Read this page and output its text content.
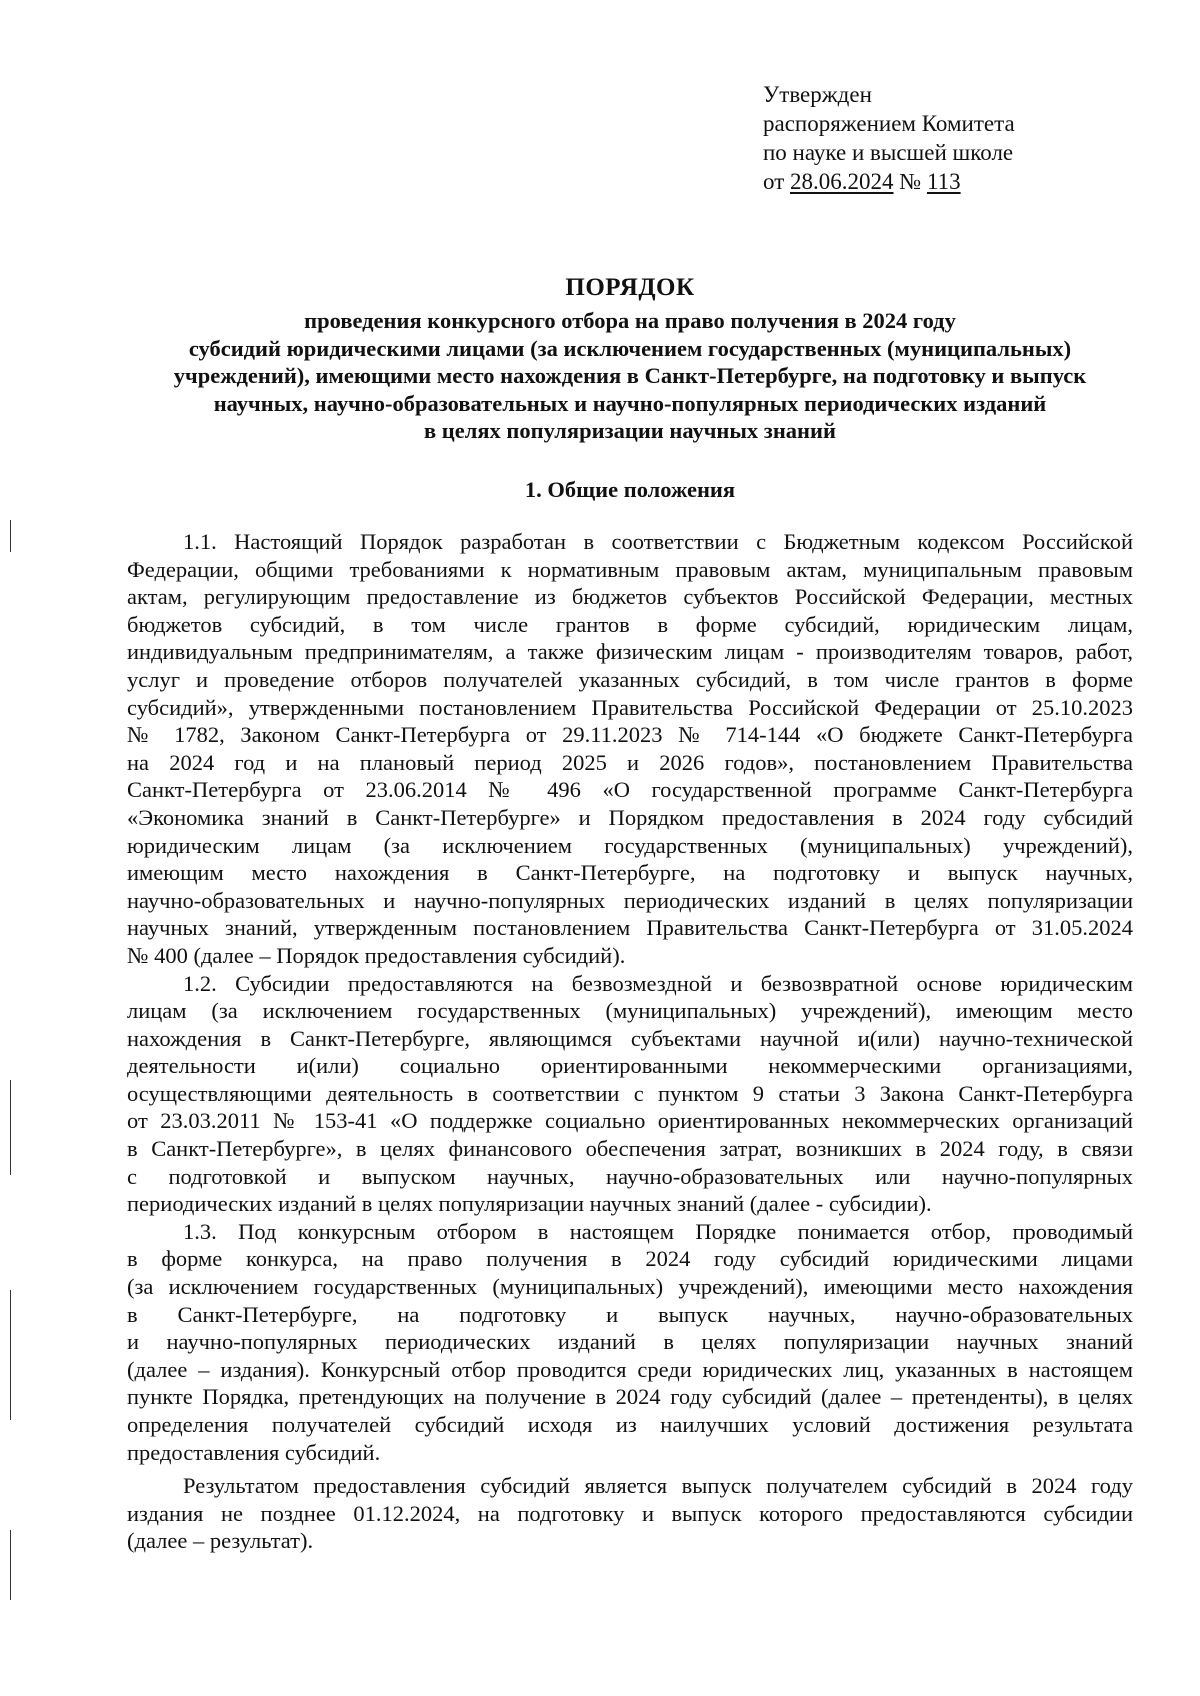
Утвержден
распоряжением Комитета
по науке и высшей школе
от 28.06.2024 № 113
ПОРЯДОК
проведения конкурсного отбора на право получения в 2024 году
субсидий юридическими лицами (за исключением государственных (муниципальных)
учреждений), имеющими место нахождения в Санкт-Петербурге, на подготовку и выпуск
научных, научно-образовательных и научно-популярных периодических изданий
в целях популяризации научных знаний
1. Общие положения
1.1. Настоящий Порядок разработан в соответствии с Бюджетным кодексом Российской
Федерации, общими требованиями к нормативным правовым актам, муниципальным правовым
актам, регулирующим предоставление из бюджетов субъектов Российской Федерации, местных
бюджетов субсидий, в том числе грантов в форме субсидий, юридическим лицам,
индивидуальным предпринимателям, а также физическим лицам - производителям товаров, работ,
услуг и проведение отборов получателей указанных субсидий, в том числе грантов в форме
субсидий», утвержденными постановлением Правительства Российской Федерации от 25.10.2023
№ 1782, Законом Санкт-Петербурга от 29.11.2023 № 714-144 «О бюджете Санкт-Петербурга
на 2024 год и на плановый период 2025 и 2026 годов», постановлением Правительства
Санкт-Петербурга от 23.06.2014 № 496 «О государственной программе Санкт-Петербурга
«Экономика знаний в Санкт-Петербурге» и Порядком предоставления в 2024 году субсидий
юридическим лицам (за исключением государственных (муниципальных) учреждений),
имеющим место нахождения в Санкт-Петербурге, на подготовку и выпуск научных,
научно-образовательных и научно-популярных периодических изданий в целях популяризации
научных знаний, утвержденным постановлением Правительства Санкт-Петербурга от 31.05.2024
№ 400 (далее – Порядок предоставления субсидий).
1.2. Субсидии предоставляются на безвозмездной и безвозвратной основе юридическим
лицам (за исключением государственных (муниципальных) учреждений), имеющим место
нахождения в Санкт-Петербурге, являющимся субъектами научной и(или) научно-технической
деятельности и(или) социально ориентированными некоммерческими организациями,
осуществляющими деятельность в соответствии с пунктом 9 статьи 3 Закона Санкт-Петербурга
от 23.03.2011 № 153-41 «О поддержке социально ориентированных некоммерческих организаций
в Санкт-Петербурге», в целях финансового обеспечения затрат, возникших в 2024 году, в связи
с подготовкой и выпуском научных, научно-образовательных или научно-популярных
периодических изданий в целях популяризации научных знаний (далее - субсидии).
1.3. Под конкурсным отбором в настоящем Порядке понимается отбор, проводимый
в форме конкурса, на право получения в 2024 году субсидий юридическими лицами
(за исключением государственных (муниципальных) учреждений), имеющими место нахождения
в Санкт-Петербурге, на подготовку и выпуск научных, научно-образовательных
и научно-популярных периодических изданий в целях популяризации научных знаний
(далее – издания). Конкурсный отбор проводится среди юридических лиц, указанных в настоящем
пункте Порядка, претендующих на получение в 2024 году субсидий (далее – претенденты), в целях
определения получателей субсидий исходя из наилучших условий достижения результата
предоставления субсидий.
Результатом предоставления субсидий является выпуск получателем субсидий в 2024 году
издания не позднее 01.12.2024, на подготовку и выпуск которого предоставляются субсидии
(далее – результат).
